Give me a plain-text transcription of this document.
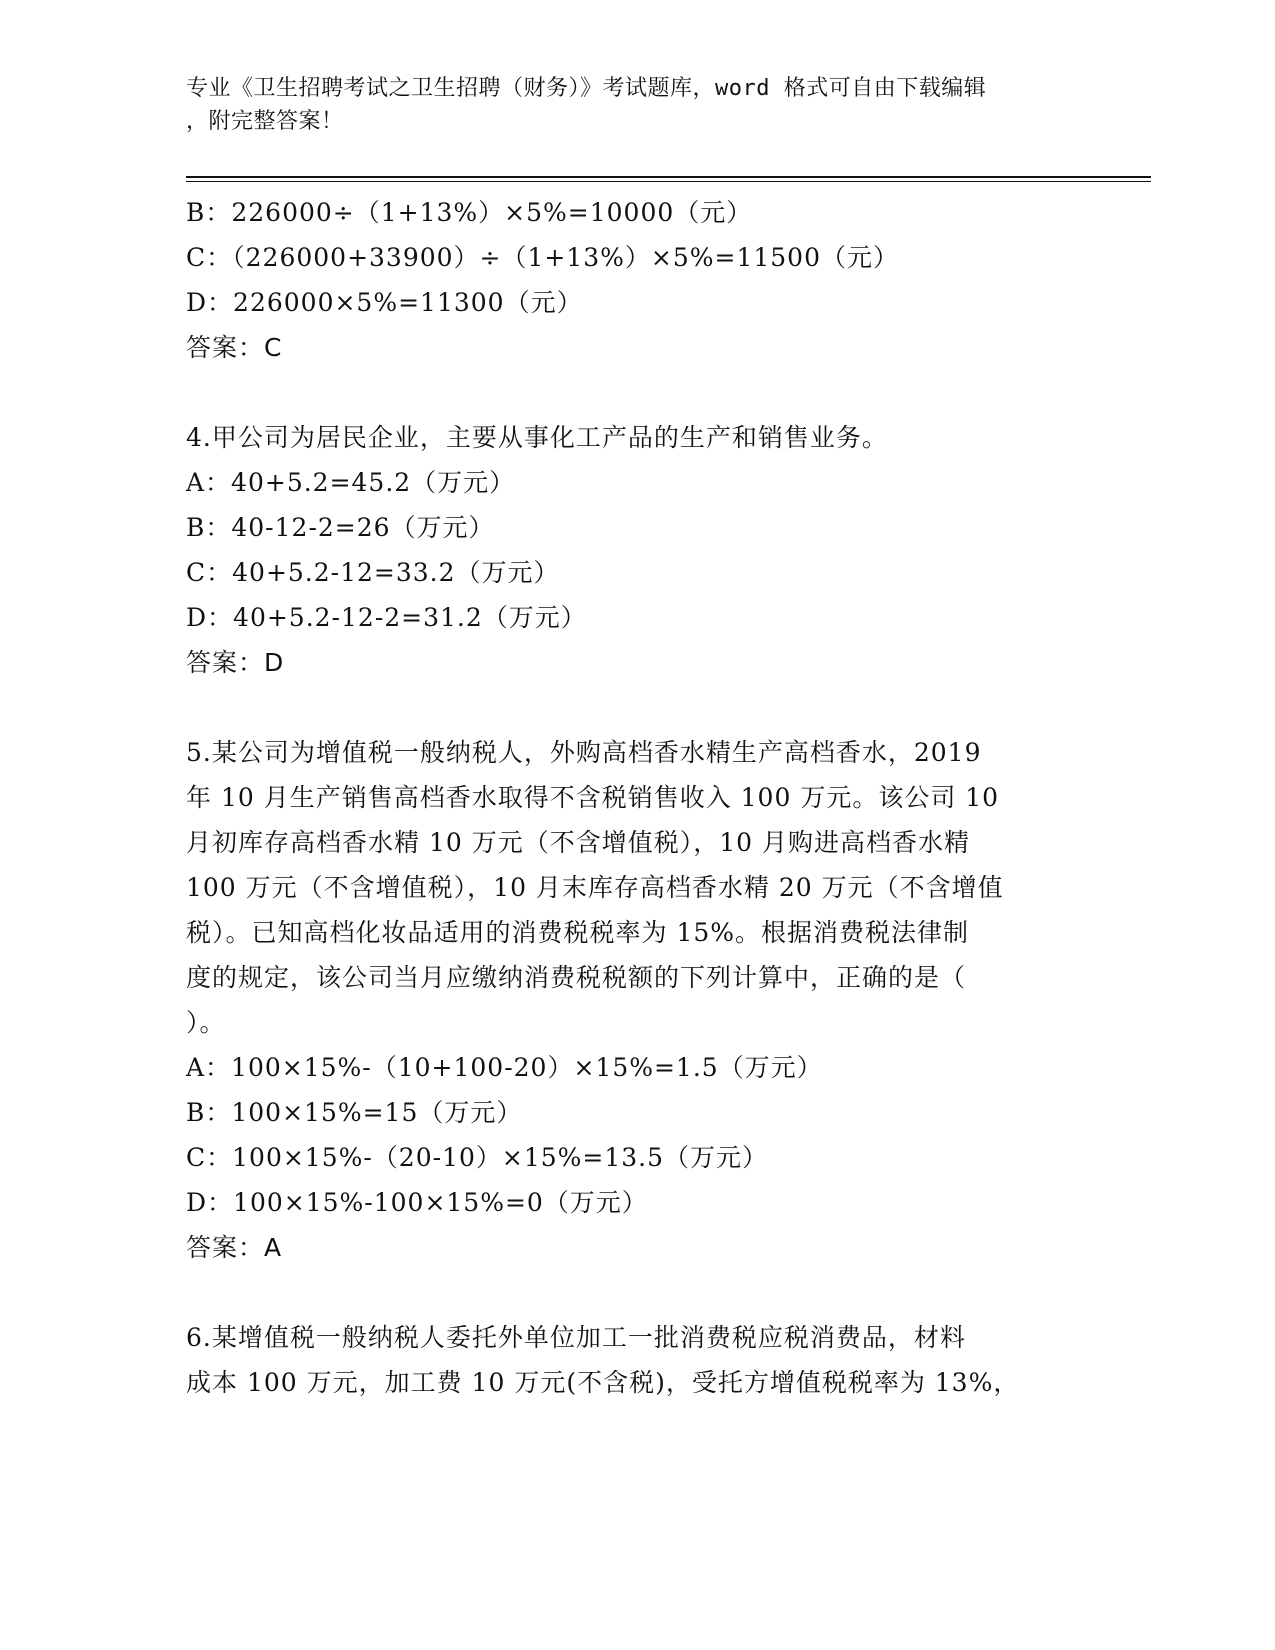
专业《卫生招聘考试之卫生招聘（财务）》考试题库，word 格式可自由下载编辑

，附完整答案！

B：226000÷（1+13%）×5%=10000（元）

C：（226000+33900）÷（1+13%）×5%=11500（元）

D：226000×5%=11300（元）

答案：C

4.甲公司为居民企业，主要从事化工产品的生产和销售业务。

A：40+5.2=45.2（万元）

B：40-12-2=26（万元）

C：40+5.2-12=33.2（万元）

D：40+5.2-12-2=31.2（万元）

答案：D

5.某公司为增值税一般纳税人，外购高档香水精生产高档香水，2019

年 10 月生产销售高档香水取得不含税销售收入 100 万元。该公司 10

月初库存高档香水精 10 万元（不含增值税），10 月购进高档香水精

100 万元（不含增值税），10 月末库存高档香水精 20 万元（不含增值

税）。已知高档化妆品适用的消费税税率为 15%。根据消费税法律制

度的规定，该公司当月应缴纳消费税税额的下列计算中，正确的是（

）。

A：100×15%-（10+100-20）×15%=1.5（万元）

B：100×15%=15（万元）

C：100×15%-（20-10）×15%=13.5（万元）

D：100×15%-100×15%=0（万元）

答案：A

6.某增值税一般纳税人委托外单位加工一批消费税应税消费品，材料

成本 100 万元，加工费 10 万元(不含税)，受托方增值税税率为 13%，
